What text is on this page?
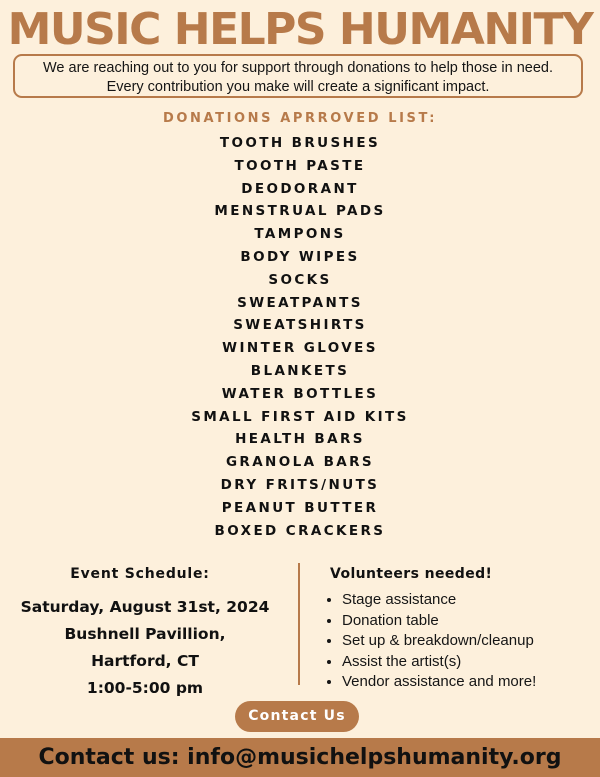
MUSIC HELPS HUMANITY
We are reaching out to you for support through donations to help those in need. Every contribution you make will create a significant impact.
DONATIONS APRROVED LIST:
TOOTH BRUSHES
TOOTH PASTE
DEODORANT
MENSTRUAL PADS
TAMPONS
BODY WIPES
SOCKS
SWEATPANTS
SWEATSHIRTS
WINTER GLOVES
BLANKETS
WATER BOTTLES
SMALL FIRST AID KITS
HEALTH BARS
GRANOLA BARS
DRY FRITS/NUTS
PEANUT BUTTER
BOXED CRACKERS
Event Schedule:
Saturday, August 31st, 2024
Bushnell Pavillion,
Hartford, CT
1:00-5:00 pm
Volunteers needed!
• Stage assistance
• Donation table
• Set up & breakdown/cleanup
• Assist the artist(s)
• Vendor assistance and more!
Contact Us
Contact us: info@musichelpshumanity.org
